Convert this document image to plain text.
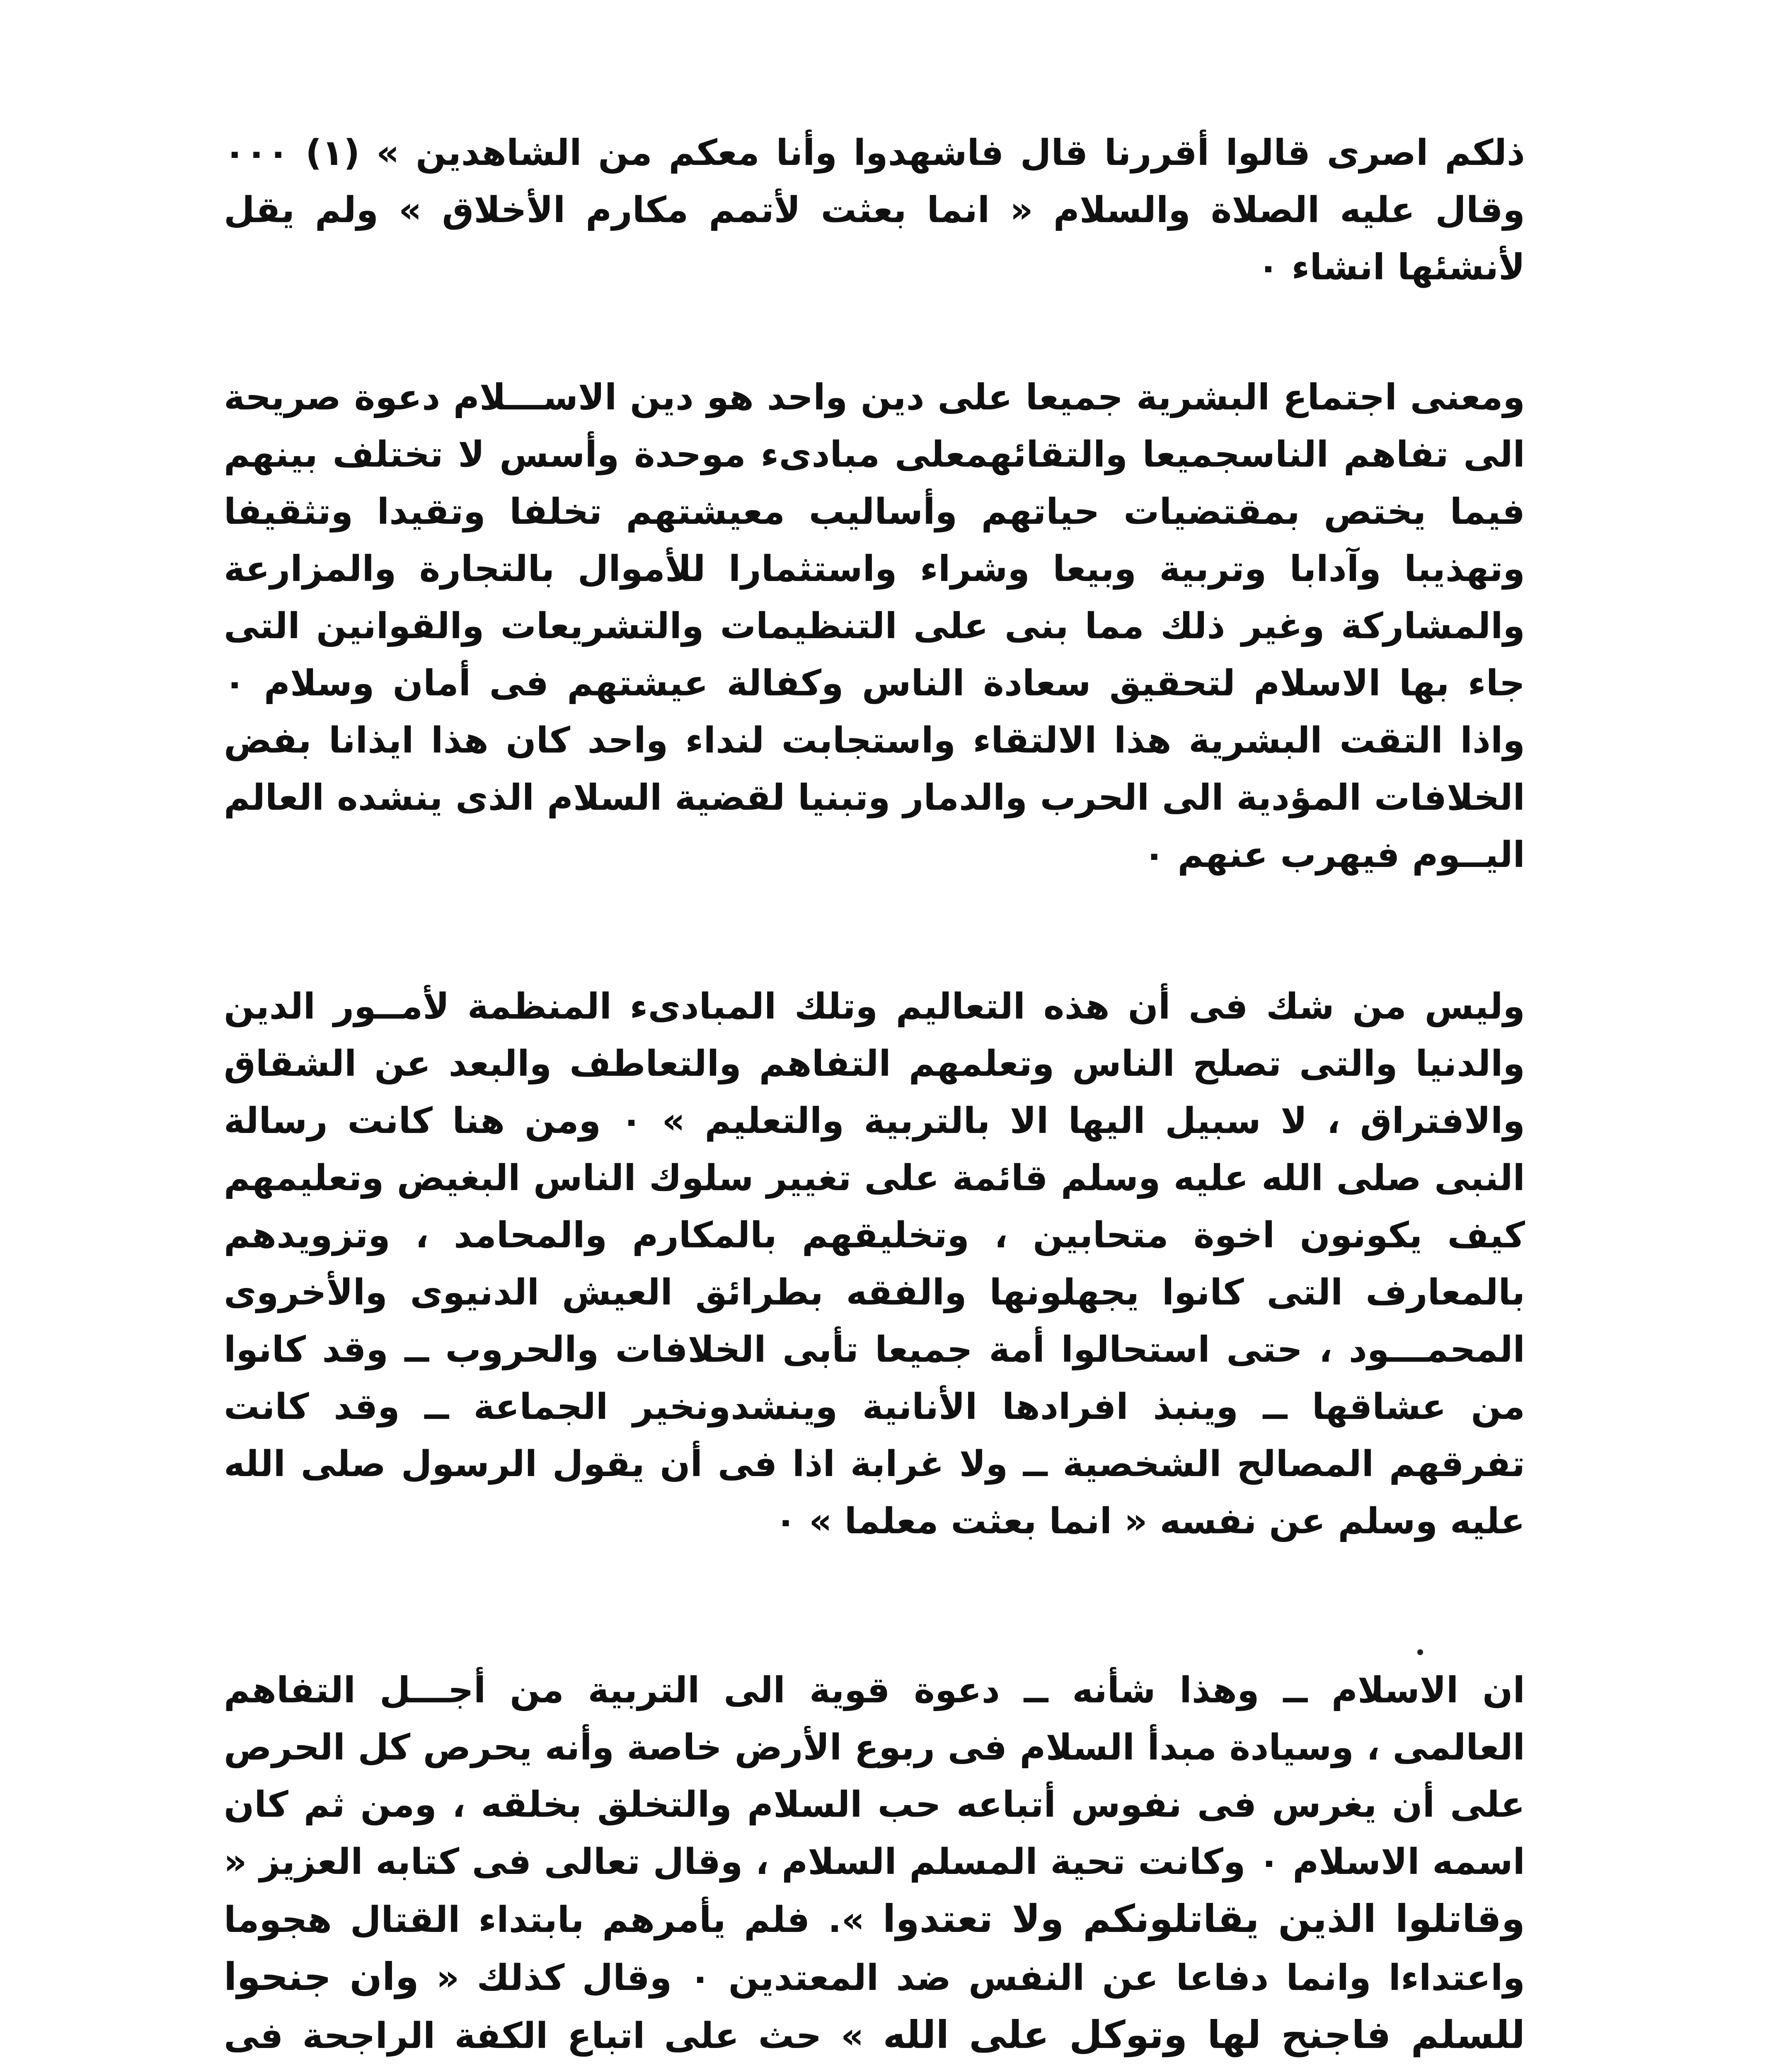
ذلكم اصرى قالوا أقررنا قال فاشهدوا وأنا معكم من الشاهدين » (١) ٠٠٠ وقال عليه الصلاة والسلام « انما بعثت لأتمم مكارم الأخلاق » ولم يقل لأنشئها انشاء ٠
ومعنى اجتماع البشرية جميعا على دين واحد هو دين الاســـلام دعوة صريحة الى تفاهم الناسجميعا والتقائهمعلى مبادىء موحدة وأسس لا تختلف بينهم فيما يختص بمقتضيات حياتهم وأساليب معيشتهم تخلفا وتقيدا وتثقيفا وتهذيبا وآدابا وتربية وبيعا وشراء واستثمارا للأموال بالتجارة والمزارعة والمشاركة وغير ذلك مما بنى على التنظيمات والتشريعات والقوانين التى جاء بها الاسلام لتحقيق سعادة الناس وكفالة عيشتهم فى أمان وسلام ٠ واذا التقت البشرية هذا الالتقاء واستجابت لنداء واحد كان هذا ايذانا بفض الخلافات المؤدية الى الحرب والدمار وتبنيا لقضية السلام الذى ينشده العالم اليــوم فيهرب عنهم ٠
وليس من شك فى أن هذه التعاليم وتلك المبادىء المنظمة لأمــور الدين والدنيا والتى تصلح الناس وتعلمهم التفاهم والتعاطف والبعد عن الشقاق والافتراق ، لا سبيل اليها الا بالتربية والتعليم » ٠ ومن هنا كانت رسالة النبى صلى الله عليه وسلم قائمة على تغيير سلوك الناس البغيض وتعليمهم كيف يكونون اخوة متحابين ، وتخليقهم بالمكارم والمحامد ، وتزويدهم بالمعارف التى كانوا يجهلونها والفقه بطرائق العيش الدنيوى والأخروى المحمـــود ، حتى استحالوا أمة جميعا تأبى الخلافات والحروب ــ وقد كانوا من عشاقها ــ وينبذ افرادها الأنانية وينشدونخير الجماعة ــ وقد كانت تفرقهم المصالح الشخصية ــ ولا غرابة اذا فى أن يقول الرسول صلى الله عليه وسلم عن نفسه « انما بعثت معلما » ٠
ان الاسلام ــ وهذا شأنه ــ دعوة قوية الى التربية من أجـــل التفاهم العالمى ، وسيادة مبدأ السلام فى ربوع الأرض خاصة وأنه يحرص كل الحرص على أن يغرس فى نفوس أتباعه حب السلام والتخلق بخلقه ، ومن ثم كان اسمه الاسلام ٠ وكانت تحية المسلم السلام ، وقال تعالى فى كتابه العزيز « وقاتلوا الذين يقاتلونكم ولا تعتدوا ». فلم يأمرهم بابتداء القتال هجوما واعتداءا وانما دفاعا عن النفس ضد المعتدين ٠ وقال كذلك « وان جنحوا للسلم فاجنح لها وتوكل على الله » حث على اتباع الكفة الراجحة فى
